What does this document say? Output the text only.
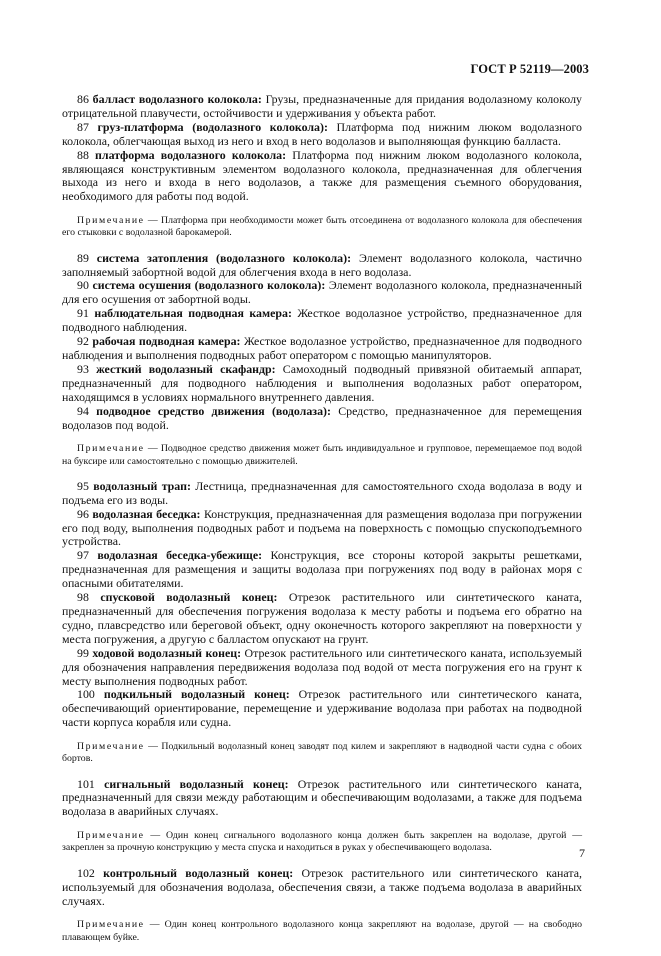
ГОСТ Р 52119—2003

86 балласт водолазного колокола: Грузы, предназначенные для придания водолазному колоколу отрицательной плавучести, остойчивости и удерживания у объекта работ.

87 груз-платформа (водолазного колокола): Платформа под нижним люком водолазного колокола, облегчающая выход из него и вход в него водолазов и выполняющая функцию балласта.

88 платформа водолазного колокола: Платформа под нижним люком водолазного колокола, являющаяся конструктивным элементом водолазного колокола, предназначенная для облегчения выхода из него и входа в него водолазов, а также для размещения съемного оборудования, необходимого для работы под водой.

Примечание — Платформа при необходимости может быть отсоединена от водолазного колокола для обеспечения его стыковки с водолазной барокамерой.

89 система затопления (водолазного колокола): Элемент водолазного колокола, частично заполняемый забортной водой для облегчения входа в него водолаза.

90 система осушения (водолазного колокола): Элемент водолазного колокола, предназначенный для его осушения от забортной воды.

91 наблюдательная подводная камера: Жесткое водолазное устройство, предназначенное для подводного наблюдения.

92 рабочая подводная камера: Жесткое водолазное устройство, предназначенное для подводного наблюдения и выполнения подводных работ оператором с помощью манипуляторов.

93 жесткий водолазный скафандр: Самоходный подводный привязной обитаемый аппарат, предназначенный для подводного наблюдения и выполнения водолазных работ оператором, находящимся в условиях нормального внутреннего давления.

94 подводное средство движения (водолаза): Средство, предназначенное для перемещения водолазов под водой.

Примечание — Подводное средство движения может быть индивидуальное и групповое, перемещаемое под водой на буксире или самостоятельно с помощью движителей.

95 водолазный трап: Лестница, предназначенная для самостоятельного схода водолаза в воду и подъема его из воды.

96 водолазная беседка: Конструкция, предназначенная для размещения водолаза при погружении его под воду, выполнения подводных работ и подъема на поверхность с помощью спускоподъемного устройства.

97 водолазная беседка-убежище: Конструкция, все стороны которой закрыты решетками, предназначенная для размещения и защиты водолаза при погружениях под воду в районах моря с опасными обитателями.

98 спусковой водолазный конец: Отрезок растительного или синтетического каната, предназначенный для обеспечения погружения водолаза к месту работы и подъема его обратно на судно, плавсредство или береговой объект, одну оконечность которого закрепляют на поверхности у места погружения, а другую с балластом опускают на грунт.

99 ходовой водолазный конец: Отрезок растительного или синтетического каната, используемый для обозначения направления передвижения водолаза под водой от места погружения его на грунт к месту выполнения подводных работ.

100 подкильный водолазный конец: Отрезок растительного или синтетического каната, обеспечивающий ориентирование, перемещение и удерживание водолаза при работах на подводной части корпуса корабля или судна.

Примечание — Подкильный водолазный конец заводят под килем и закрепляют в надводной части судна с обоих бортов.

101 сигнальный водолазный конец: Отрезок растительного или синтетического каната, предназначенный для связи между работающим и обеспечивающим водолазами, а также для подъема водолаза в аварийных случаях.

Примечание — Один конец сигнального водолазного конца должен быть закреплен на водолазе, другой — закреплен за прочную конструкцию у места спуска и находиться в руках у обеспечивающего водолаза.

102 контрольный водолазный конец: Отрезок растительного или синтетического каната, используемый для обозначения водолаза, обеспечения связи, а также подъема водолаза в аварийных случаях.

Примечание — Один конец контрольного водолазного конца закрепляют на водолазе, другой — на свободно плавающем буйке.

7
